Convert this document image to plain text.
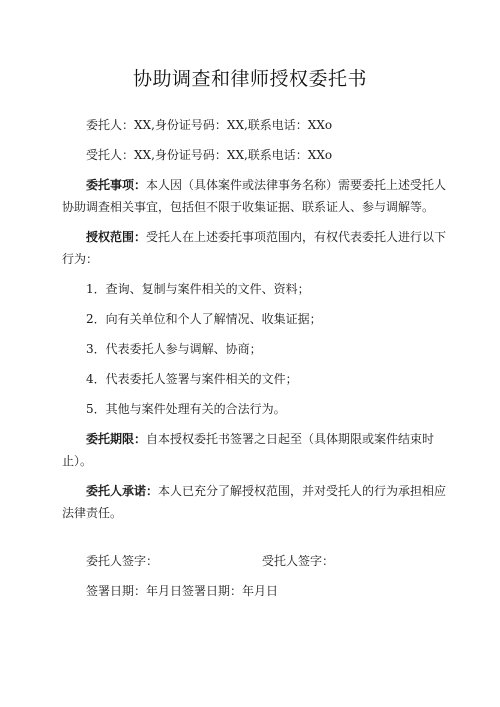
协助调查和律师授权委托书

委托人：XX,身份证号码：XX,联系电话：XXo

受托人：XX,身份证号码：XX,联系电话：XXo

委托事项：本人因（具体案件或法律事务名称）需要委托上述受托人协助调查相关事宜，包括但不限于收集证据、联系证人、参与调解等。

授权范围：受托人在上述委托事项范围内，有权代表委托人进行以下行为：

1．查询、复制与案件相关的文件、资料；
2．向有关单位和个人了解情况、收集证据；
3．代表委托人参与调解、协商；
4．代表委托人签署与案件相关的文件；
5．其他与案件处理有关的合法行为。

委托期限：自本授权委托书签署之日起至（具体期限或案件结束时止）。

委托人承诺：本人已充分了解授权范围，并对受托人的行为承担相应法律责任。

委托人签字：	受托人签字：
签署日期：年月日签署日期：年月日
